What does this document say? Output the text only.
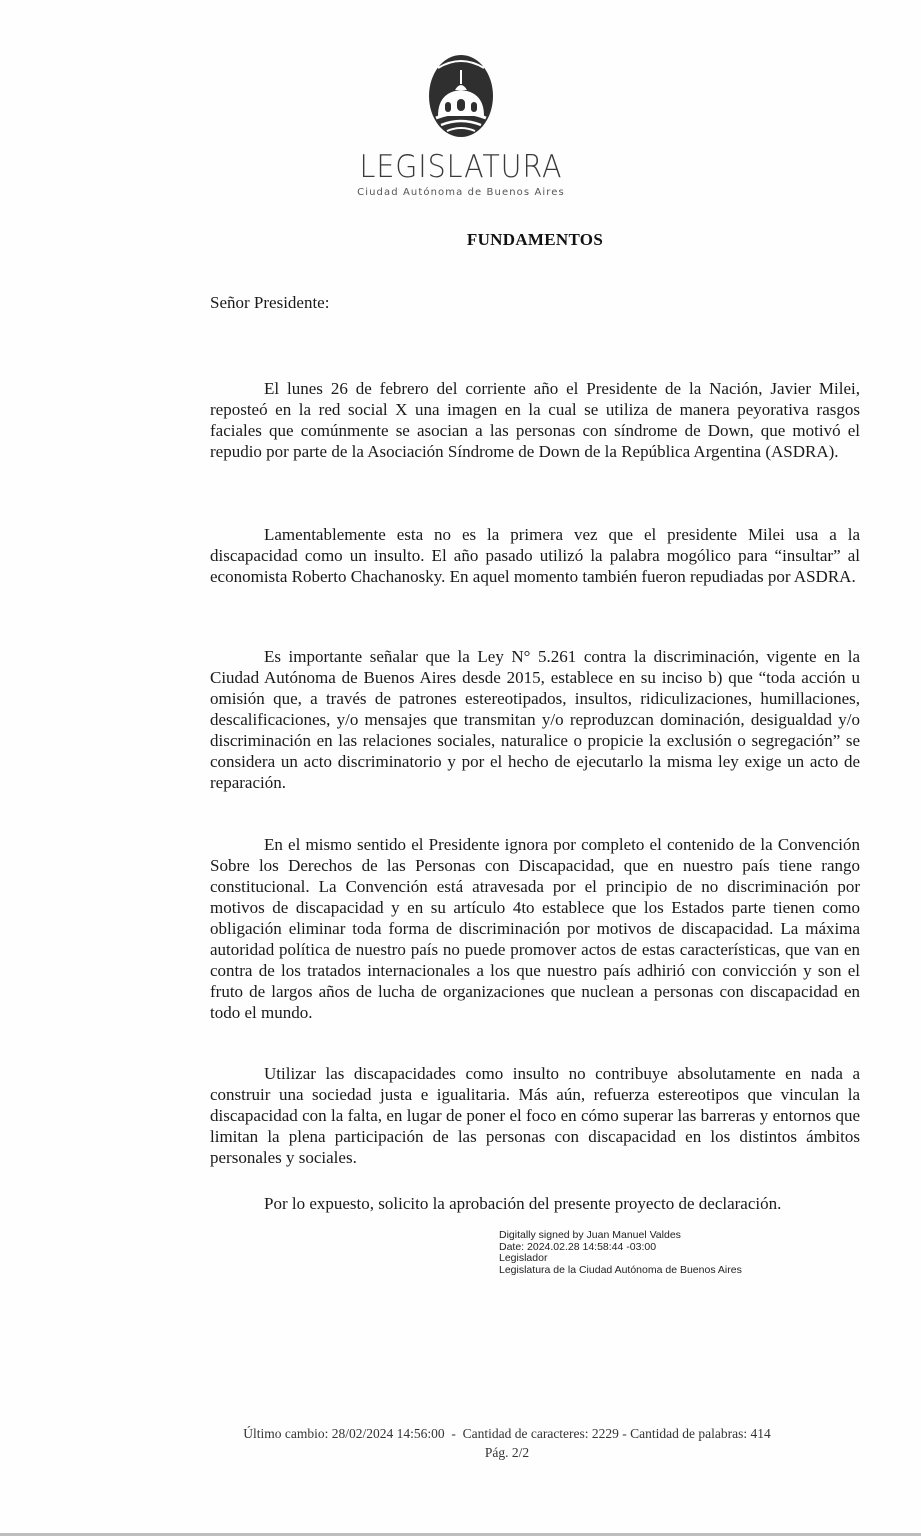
LEGISLATURA
Ciudad Autónoma de Buenos Aires
FUNDAMENTOS
Señor Presidente:

El lunes 26 de febrero del corriente año el Presidente de la Nación, Javier Milei, reposteó en la red social X una imagen en la cual se utiliza de manera peyorativa rasgos faciales que comúnmente se asocian a las personas con síndrome de Down, que motivó el repudio por parte de la Asociación Síndrome de Down de la República Argentina (ASDRA).

Lamentablemente esta no es la primera vez que el presidente Milei usa a la discapacidad como un insulto. El año pasado utilizó la palabra mogólico para “insultar” al economista Roberto Chachanosky. En aquel momento también fueron repudiadas por ASDRA.

Es importante señalar que la Ley N° 5.261 contra la discriminación, vigente en la Ciudad Autónoma de Buenos Aires desde 2015, establece en su inciso b) que “toda acción u omisión que, a través de patrones estereotipados, insultos, ridiculizaciones, humillaciones, descalificaciones, y/o mensajes que transmitan y/o reproduzcan dominación, desigualdad y/o discriminación en las relaciones sociales, naturalice o propicie la exclusión o segregación” se considera un acto discriminatorio y por el hecho de ejecutarlo la misma ley exige un acto de reparación.

En el mismo sentido el Presidente ignora por completo el contenido de la Convención Sobre los Derechos de las Personas con Discapacidad, que en nuestro país tiene rango constitucional. La Convención está atravesada por el principio de no discriminación por motivos de discapacidad y en su artículo 4to establece que los Estados parte tienen como obligación eliminar toda forma de discriminación por motivos de discapacidad. La máxima autoridad política de nuestro país no puede promover actos de estas características, que van en contra de los tratados internacionales a los que nuestro país adhirió con convicción y son el fruto de largos años de lucha de organizaciones que nuclean a personas con discapacidad en todo el mundo.

Utilizar las discapacidades como insulto no contribuye absolutamente en nada a construir una sociedad justa e igualitaria. Más aún, refuerza estereotipos que vinculan la discapacidad con la falta, en lugar de poner el foco en cómo superar las barreras y entornos que limitan la plena participación de las personas con discapacidad en los distintos ámbitos personales y sociales.

Por lo expuesto, solicito la aprobación del presente proyecto de declaración.
Digitally signed by Juan Manuel Valdes
Date: 2024.02.28 14:58:44 -03:00
Legislador
Legislatura de la Ciudad Autónoma de Buenos Aires
Último cambio: 28/02/2024 14:56:00  -  Cantidad de caracteres: 2229 - Cantidad de palabras: 414
Pág. 2/2
